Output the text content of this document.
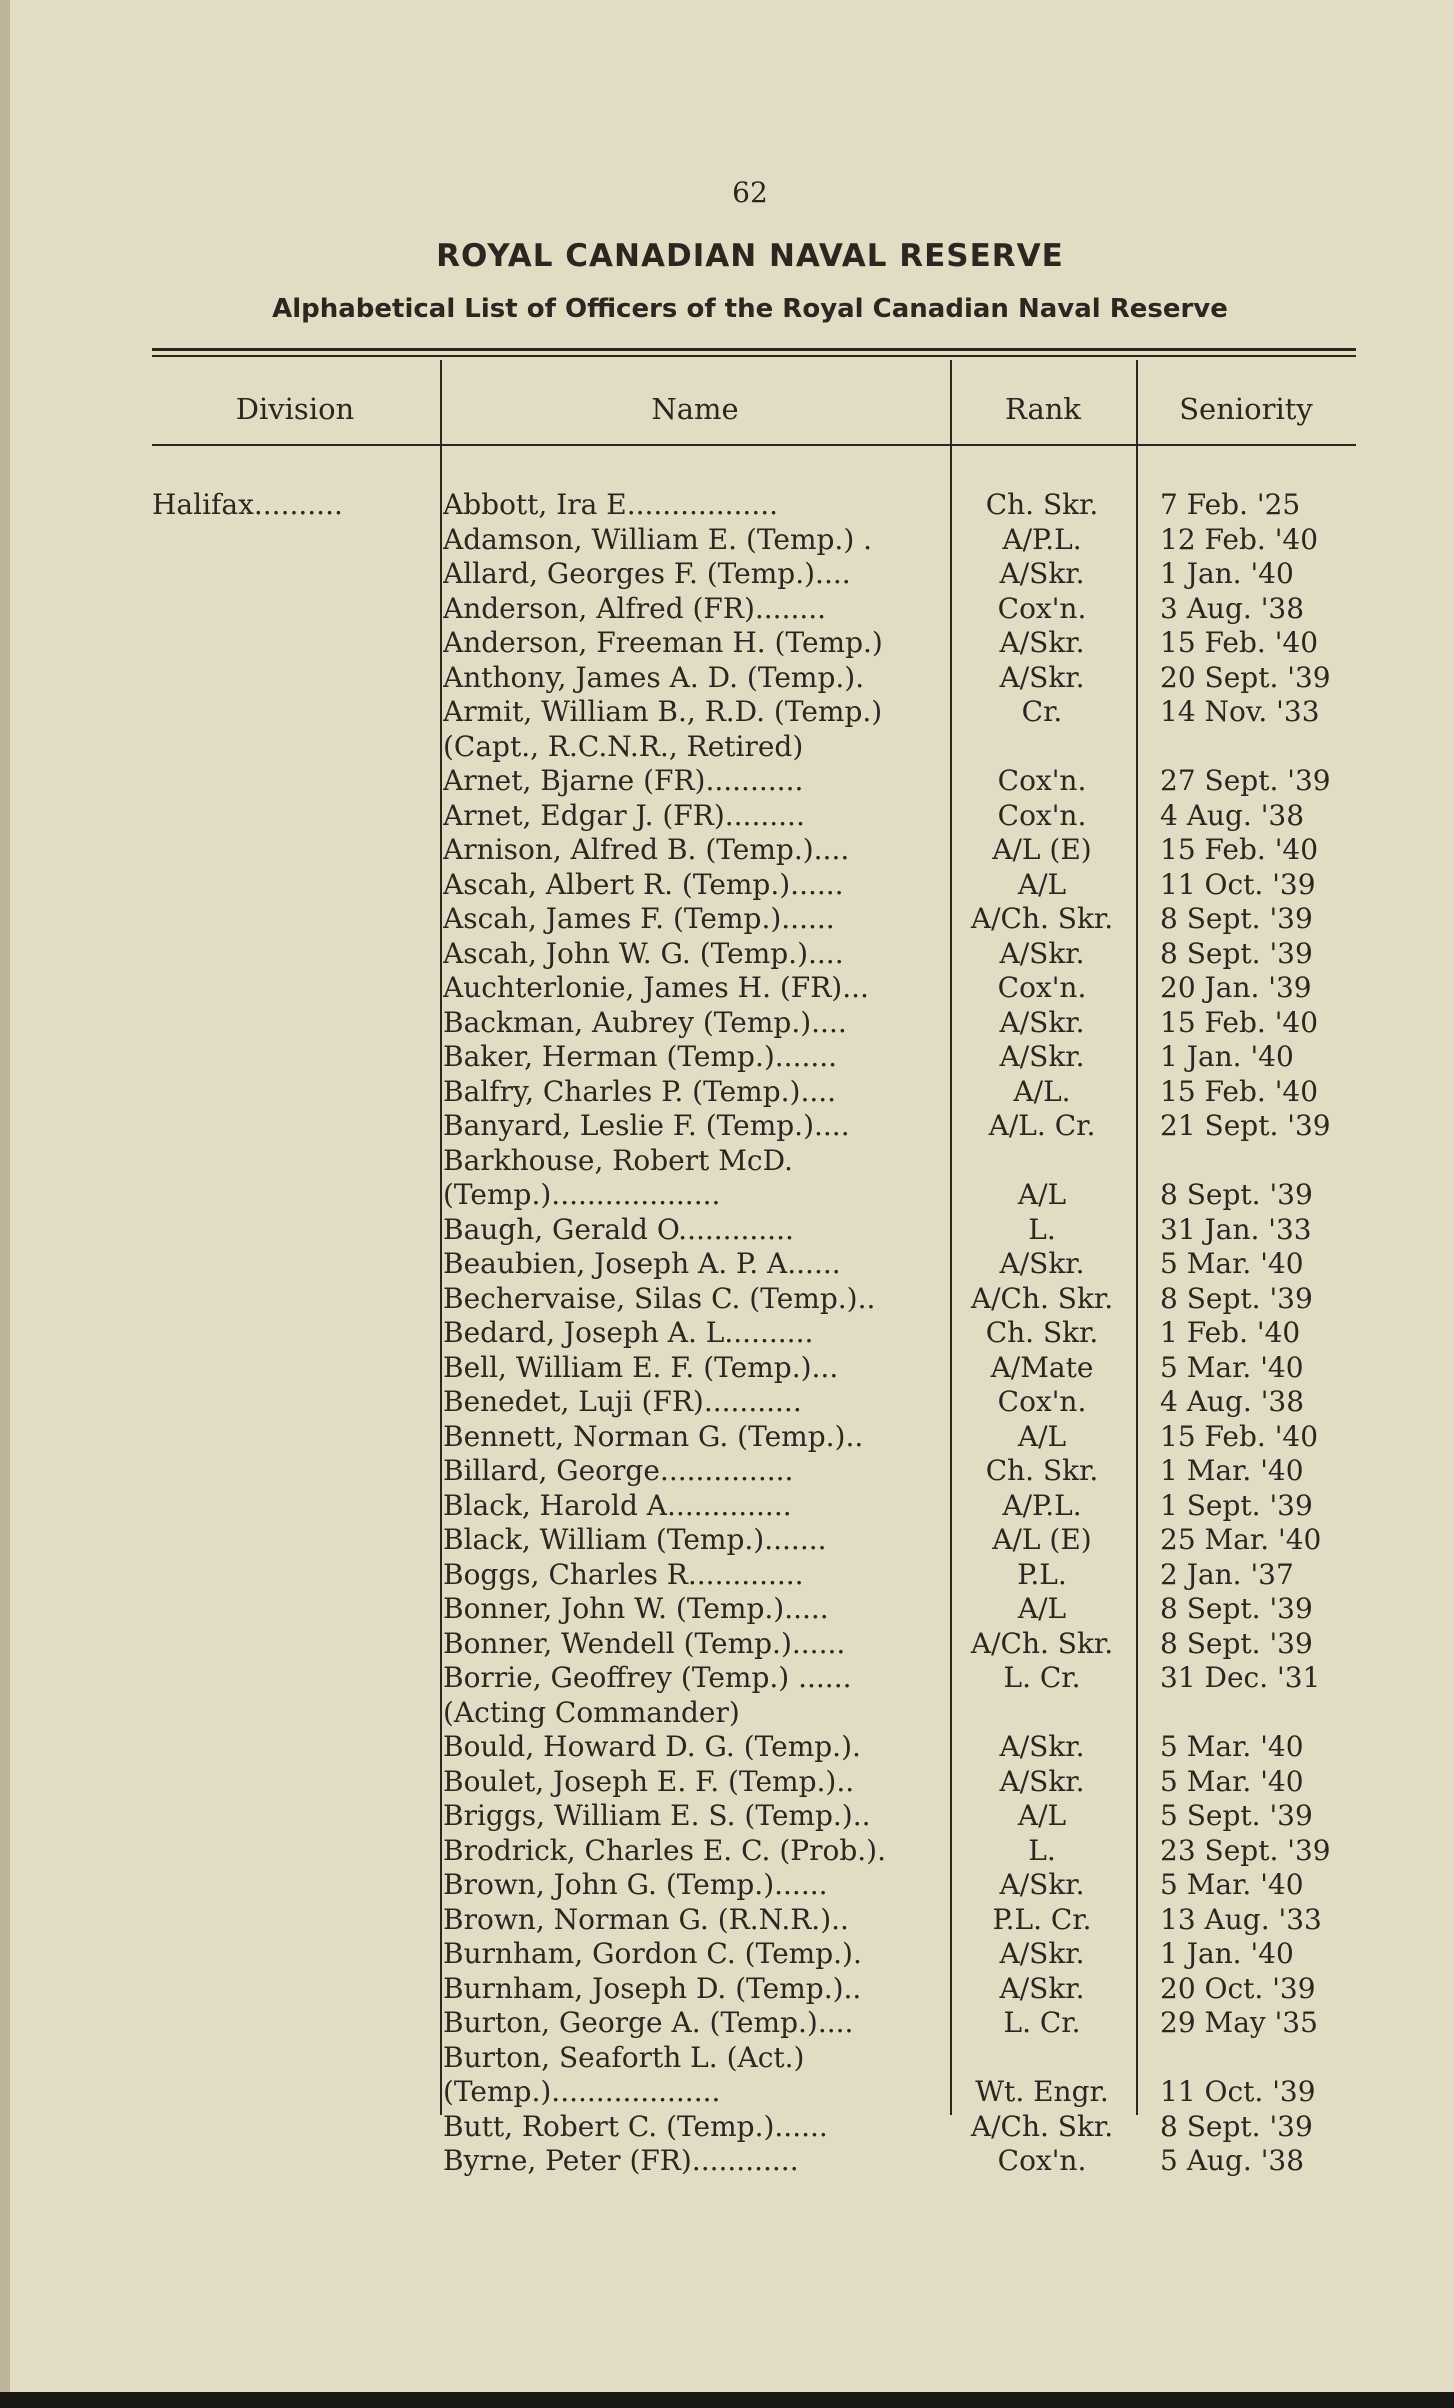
62
ROYAL CANADIAN NAVAL RESERVE
Alphabetical List of Officers of the Royal Canadian Naval Reserve
Division	Name	Rank	Seniority
Halifax..........	Abbott, Ira E.................	Ch. Skr.	7 Feb. '25
Adamson, William E. (Temp.) .	A/P.L.	12 Feb. '40
Allard, Georges F. (Temp.)....	A/Skr.	1 Jan. '40
Anderson, Alfred (FR)........	Cox'n.	3 Aug. '38
Anderson, Freeman H. (Temp.)	A/Skr.	15 Feb. '40
Anthony, James A. D. (Temp.).	A/Skr.	20 Sept. '39
Armit, William B., R.D. (Temp.)	Cr.	14 Nov. '33
(Capt., R.C.N.R., Retired)
Arnet, Bjarne (FR)...........	Cox'n.	27 Sept. '39
Arnet, Edgar J. (FR).........	Cox'n.	4 Aug. '38
Arnison, Alfred B. (Temp.)....	A/L (E)	15 Feb. '40
Ascah, Albert R. (Temp.)......	A/L	11 Oct. '39
Ascah, James F. (Temp.)......	A/Ch. Skr.	8 Sept. '39
Ascah, John W. G. (Temp.)....	A/Skr.	8 Sept. '39
Auchterlonie, James H. (FR)...	Cox'n.	20 Jan. '39
Backman, Aubrey (Temp.)....	A/Skr.	15 Feb. '40
Baker, Herman (Temp.).......	A/Skr.	1 Jan. '40
Balfry, Charles P. (Temp.)....	A/L.	15 Feb. '40
Banyard, Leslie F. (Temp.)....	A/L. Cr.	21 Sept. '39
Barkhouse, Robert McD.
(Temp.)...................	A/L	8 Sept. '39
Baugh, Gerald O.............	L.	31 Jan. '33
Beaubien, Joseph A. P. A......	A/Skr.	5 Mar. '40
Bechervaise, Silas C. (Temp.)..	A/Ch. Skr.	8 Sept. '39
Bedard, Joseph A. L..........	Ch. Skr.	1 Feb. '40
Bell, William E. F. (Temp.)...	A/Mate	5 Mar. '40
Benedet, Luji (FR)...........	Cox'n.	4 Aug. '38
Bennett, Norman G. (Temp.)..	A/L	15 Feb. '40
Billard, George...............	Ch. Skr.	1 Mar. '40
Black, Harold A..............	A/P.L.	1 Sept. '39
Black, William (Temp.).......	A/L (E)	25 Mar. '40
Boggs, Charles R.............	P.L.	2 Jan. '37
Bonner, John W. (Temp.).....	A/L	8 Sept. '39
Bonner, Wendell (Temp.)......	A/Ch. Skr.	8 Sept. '39
Borrie, Geoffrey (Temp.) ......	L. Cr.	31 Dec. '31
(Acting Commander)
Bould, Howard D. G. (Temp.).	A/Skr.	5 Mar. '40
Boulet, Joseph E. F. (Temp.)..	A/Skr.	5 Mar. '40
Briggs, William E. S. (Temp.)..	A/L	5 Sept. '39
Brodrick, Charles E. C. (Prob.).	L.	23 Sept. '39
Brown, John G. (Temp.)......	A/Skr.	5 Mar. '40
Brown, Norman G. (R.N.R.)..	P.L. Cr.	13 Aug. '33
Burnham, Gordon C. (Temp.).	A/Skr.	1 Jan. '40
Burnham, Joseph D. (Temp.)..	A/Skr.	20 Oct. '39
Burton, George A. (Temp.)....	L. Cr.	29 May '35
Burton, Seaforth L. (Act.)
(Temp.)...................	Wt. Engr.	11 Oct. '39
Butt, Robert C. (Temp.)......	A/Ch. Skr.	8 Sept. '39
Byrne, Peter (FR)............	Cox'n.	5 Aug. '38
